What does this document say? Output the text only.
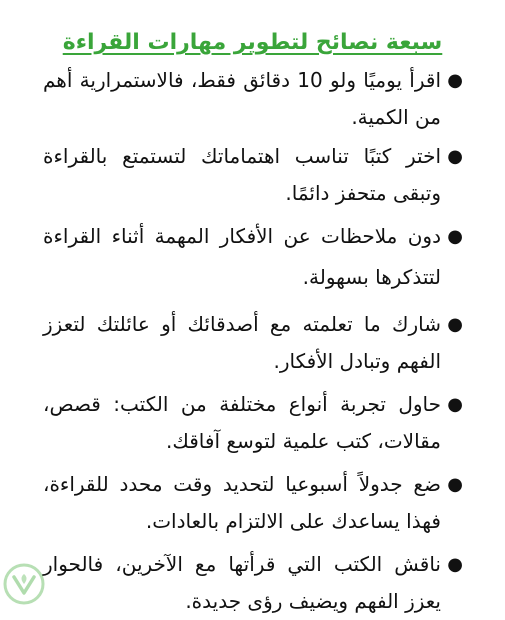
سبعة نصائح لتطوير مهارات القراءة
●
اقرأ يوميًا ولو 10 دقائق فقط، فالاستمرارية أهم من الكمية.
●
اختر كتبًا تناسب اهتماماتك لتستمتع بالقراءة وتبقى متحفز دائمًا.
●
دون ملاحظات عن الأفكار المهمة أثناء القراءة لتتذكرها بسهولة.
●
شارك ما تعلمته مع أصدقائك أو عائلتك لتعزز الفهم وتبادل الأفكار.
●
حاول تجربة أنواع مختلفة من الكتب: قصص، مقالات، كتب علمية لتوسع آفاقك.
●
ضع جدولاً أسبوعيا لتحديد وقت محدد للقراءة، فهذا يساعدك على الالتزام بالعادات.
●
ناقش الكتب التي قرأتها مع الآخرين، فالحوار يعزز الفهم ويضيف رؤى جديدة.
